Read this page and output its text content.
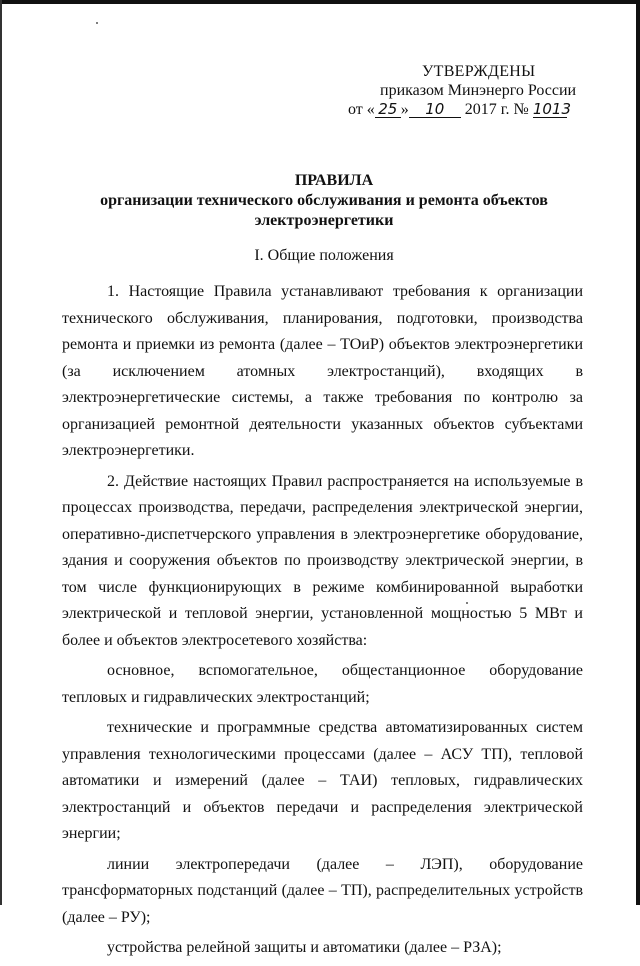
УТВЕРЖДЕНЫ
приказом Минэнерго России
от « 25 » 10 2017 г. № 1013
ПРАВИЛА
организации технического обслуживания и ремонта объектов
электроэнергетики
I. Общие положения

1. Настоящие Правила устанавливают требования к организации технического обслуживания, планирования, подготовки, производства ремонта и приемки из ремонта (далее – ТОиР) объектов электроэнергетики (за исключением атомных электростанций), входящих в электроэнергетические системы, а также требования по контролю за организацией ремонтной деятельности указанных объектов субъектами электроэнергетики.

2. Действие настоящих Правил распространяется на используемые в процессах производства, передачи, распределения электрической энергии, оперативно-диспетчерского управления в электроэнергетике оборудование, здания и сооружения объектов по производству электрической энергии, в том числе функционирующих в режиме комбинированной выработки электрической и тепловой энергии, установленной мощностью 5 МВт и более и объектов электросетевого хозяйства:

основное, вспомогательное, общестанционное оборудование тепловых и гидравлических электростанций;

технические и программные средства автоматизированных систем управления технологическими процессами (далее – АСУ ТП), тепловой автоматики и измерений (далее – ТАИ) тепловых, гидравлических электростанций и объектов передачи и распределения электрической энергии;

линии электропередачи (далее – ЛЭП), оборудование трансформаторных подстанций (далее – ТП), распределительных устройств (далее – РУ);

устройства релейной защиты и автоматики (далее – РЗА);
